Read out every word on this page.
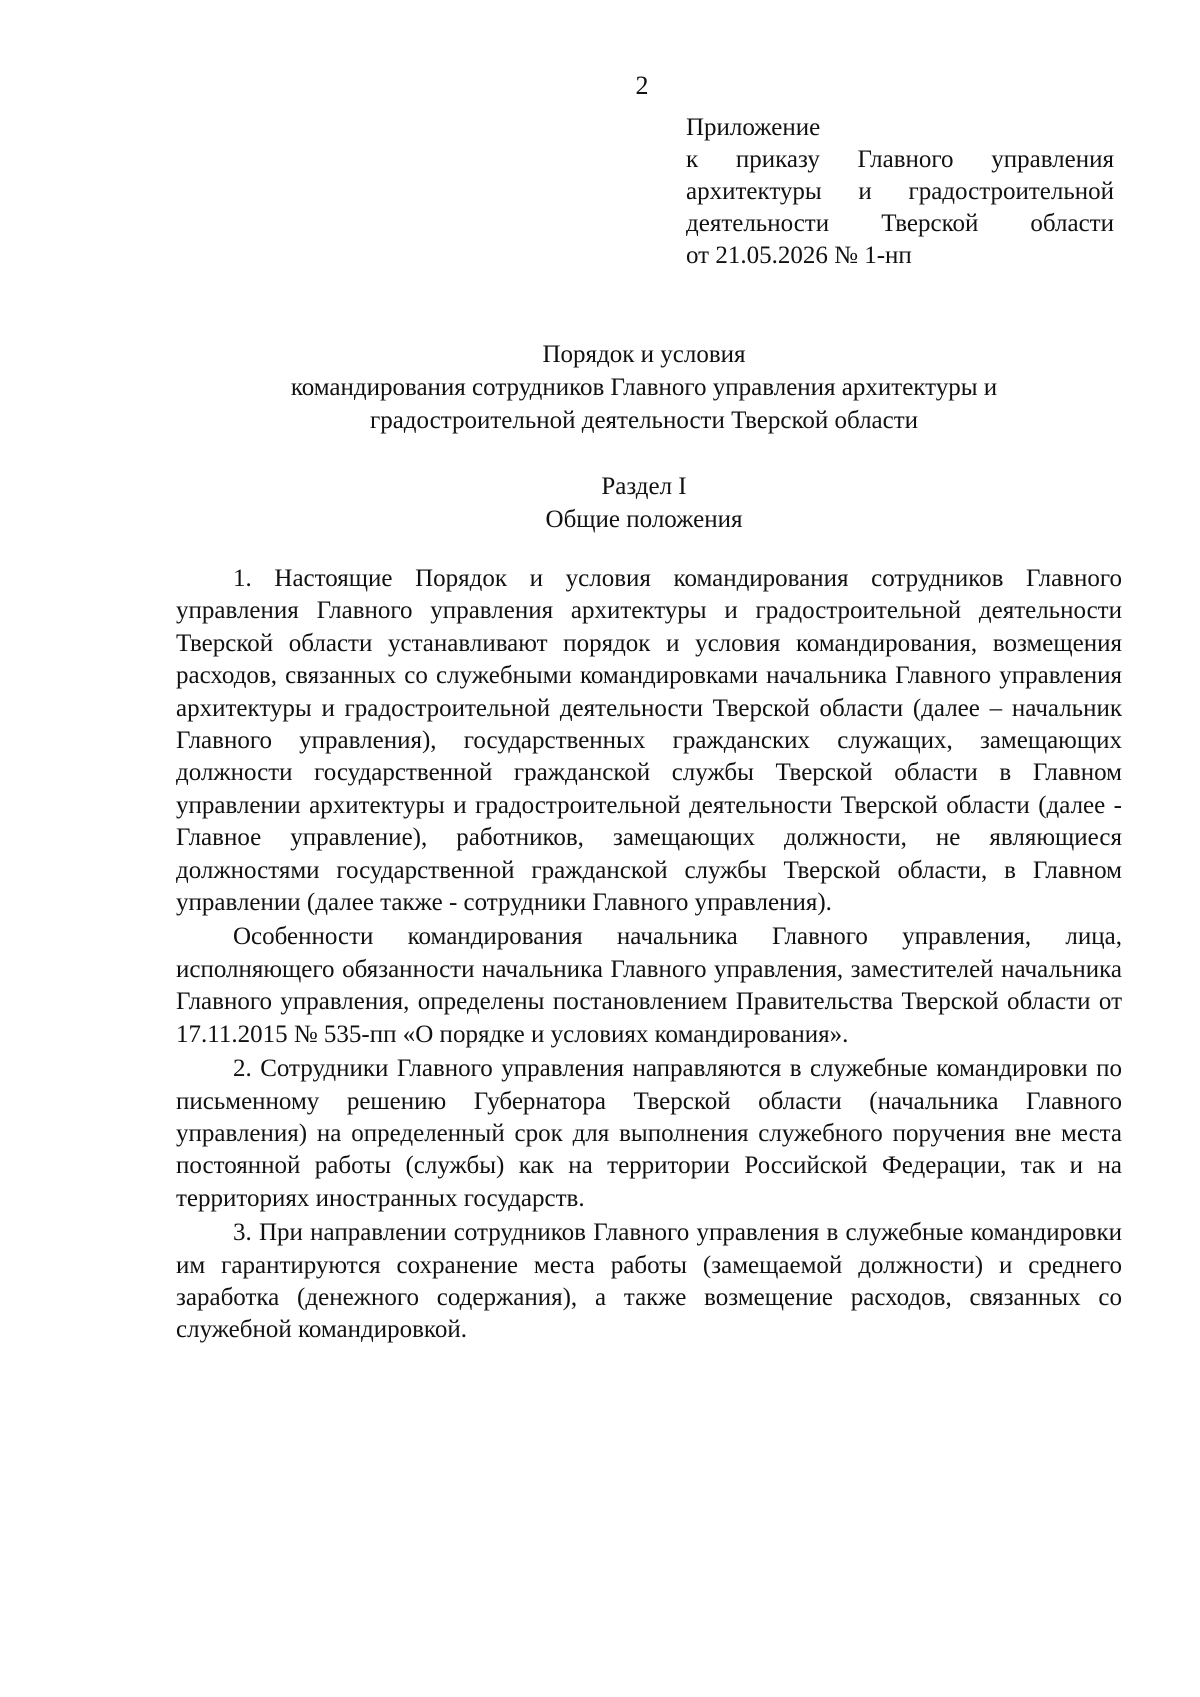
2
Приложение
к приказу Главного управления
архитектуры и градостроительной
деятельности Тверской области
от 21.05.2026 № 1-нп
Порядок и условия
командирования сотрудников Главного управления архитектуры и
градостроительной деятельности Тверской области
Раздел I
Общие положения

1. Настоящие Порядок и условия командирования сотрудников Главного управления Главного управления архитектуры и градостроительной деятельности Тверской области устанавливают порядок и условия командирования, возмещения расходов, связанных со служебными командировками начальника Главного управления архитектуры и градостроительной деятельности Тверской области (далее – начальник Главного управления), государственных гражданских служащих, замещающих должности государственной гражданской службы Тверской области в Главном управлении архитектуры и градостроительной деятельности Тверской области (далее - Главное управление), работников, замещающих должности, не являющиеся должностями государственной гражданской службы Тверской области, в Главном управлении (далее также - сотрудники Главного управления).

Особенности командирования начальника Главного управления, лица, исполняющего обязанности начальника Главного управления, заместителей начальника Главного управления, определены постановлением Правительства Тверской области от 17.11.2015 № 535-пп «О порядке и условиях командирования».

2. Сотрудники Главного управления направляются в служебные командировки по письменному решению Губернатора Тверской области (начальника Главного управления) на определенный срок для выполнения служебного поручения вне места постоянной работы (службы) как на территории Российской Федерации, так и на территориях иностранных государств.

3. При направлении сотрудников Главного управления в служебные командировки им гарантируются сохранение места работы (замещаемой должности) и среднего заработка (денежного содержания), а также возмещение расходов, связанных со служебной командировкой.
